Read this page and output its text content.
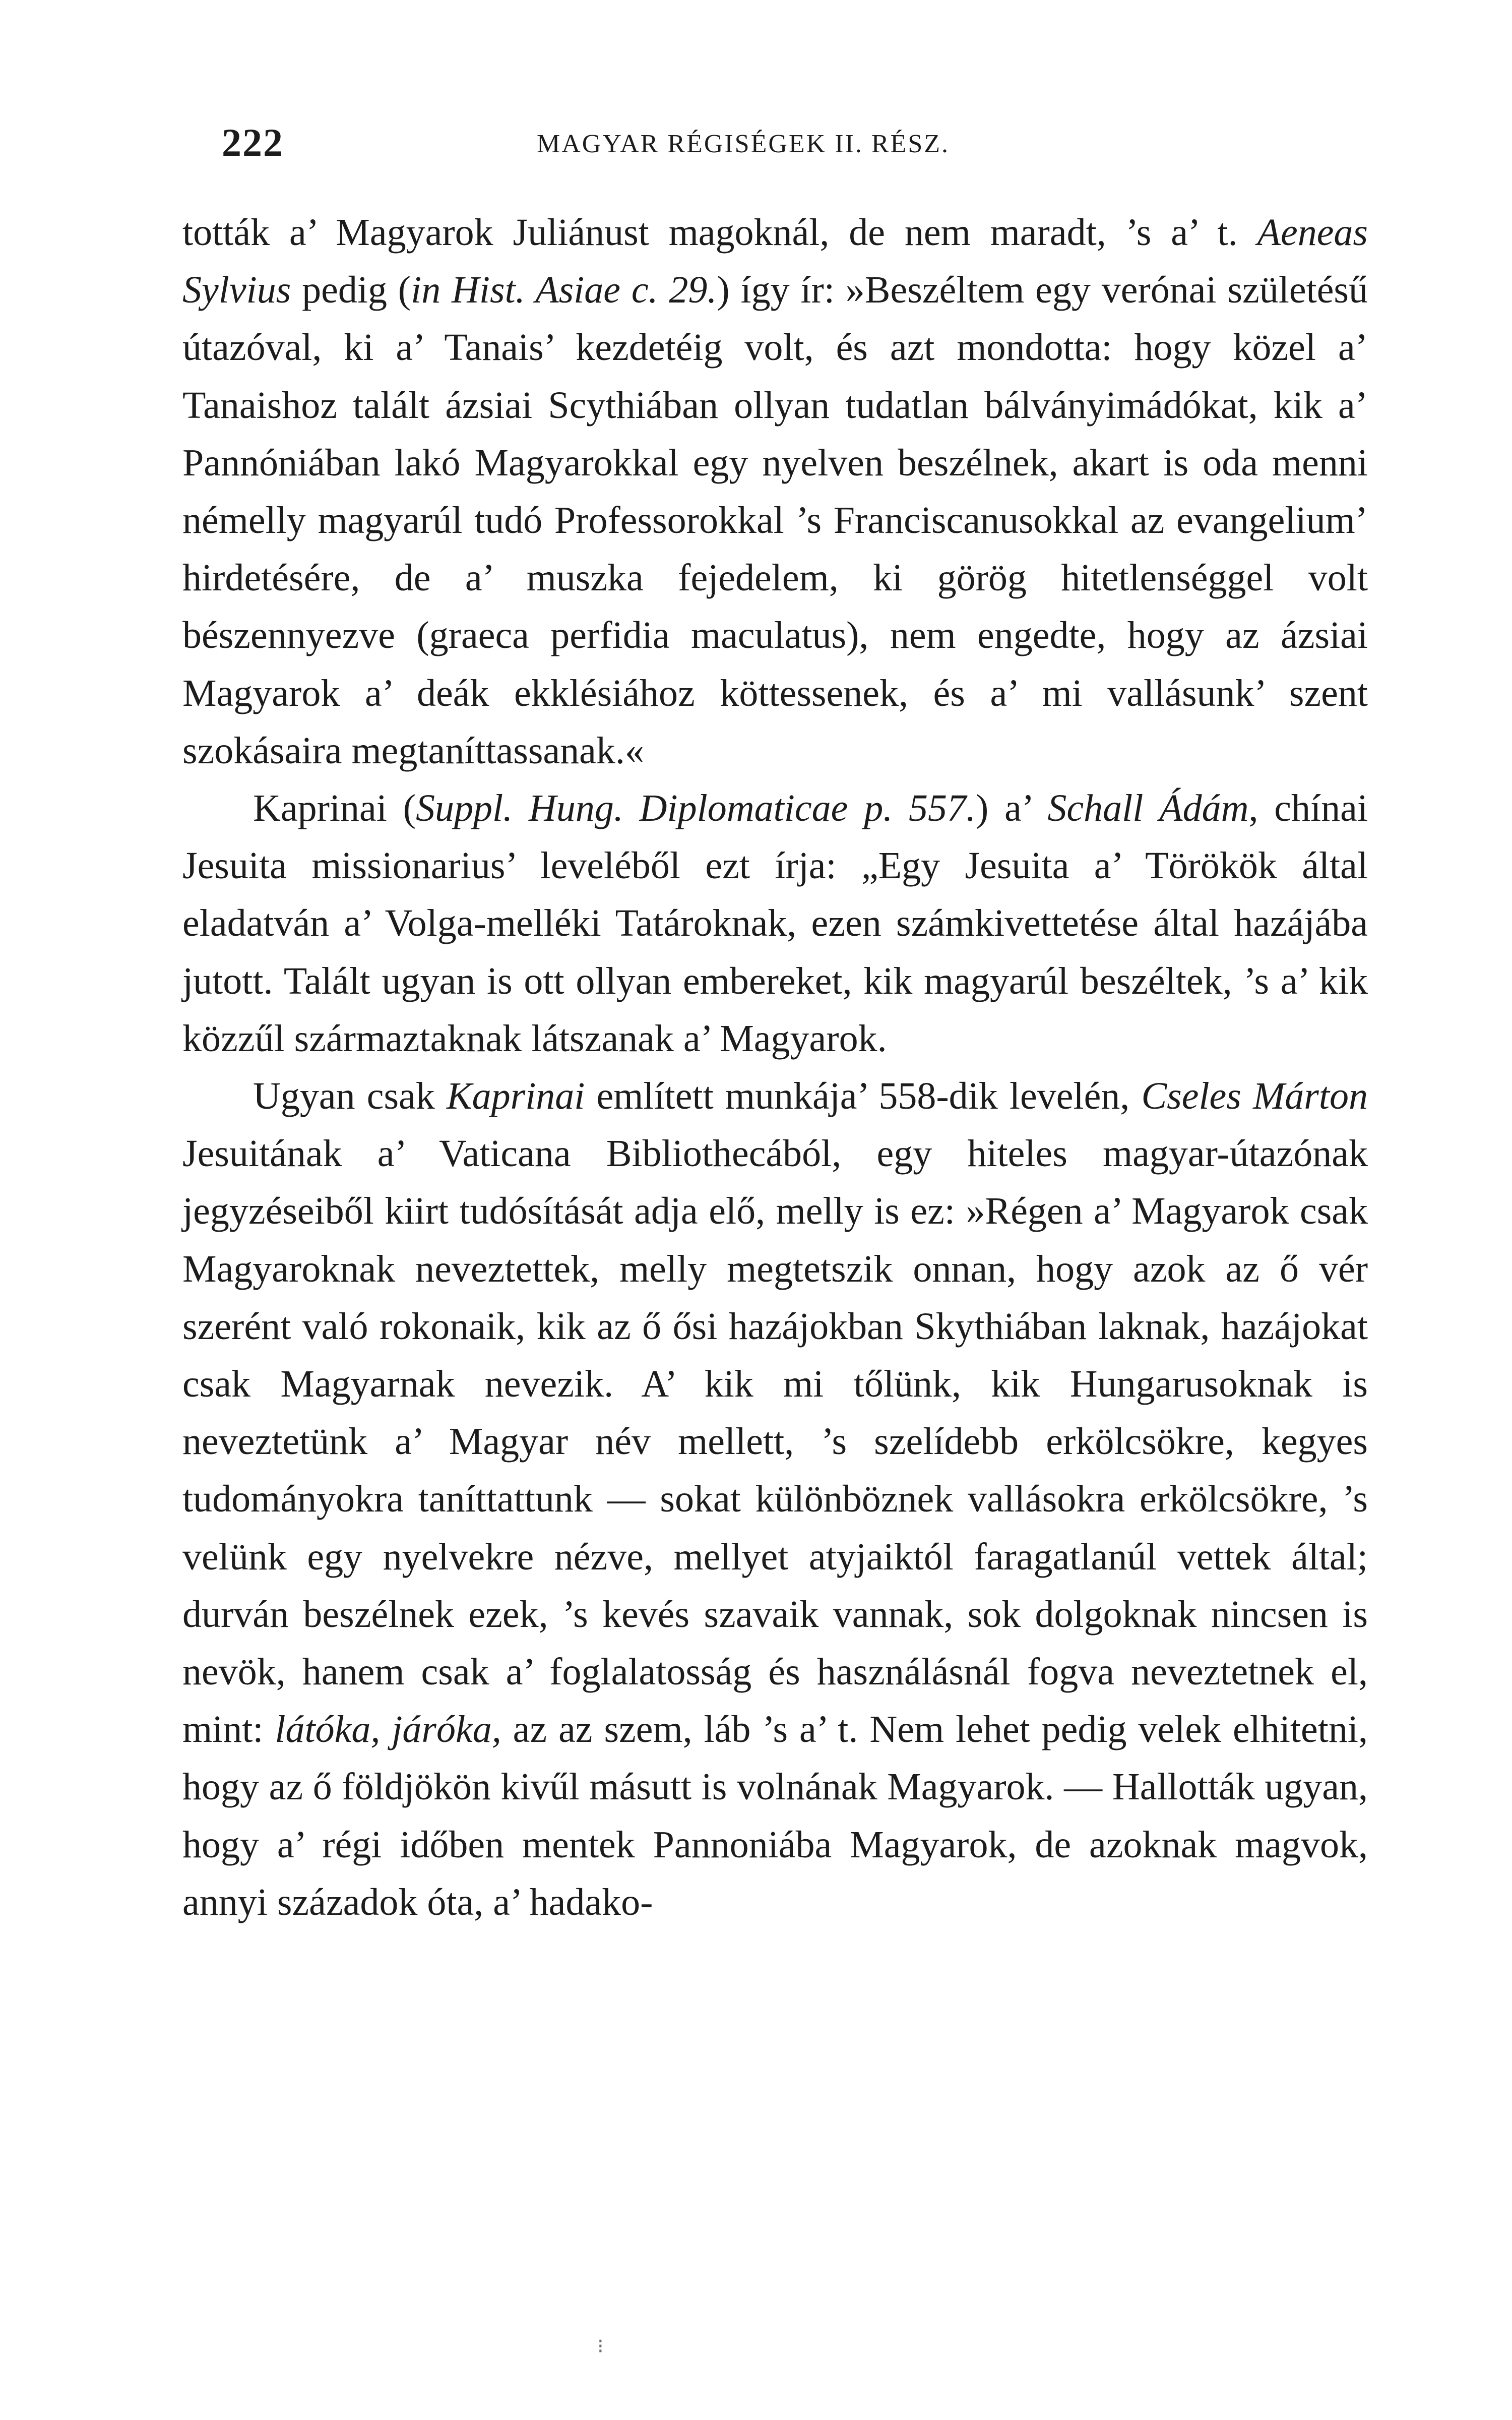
222	MAGYAR RÉGISÉGEK II. RÉSZ.

tották a’ Magyarok Juliánust magoknál, de nem maradt, ’s a’ t. Aeneas Sylvius pedig (in Hist. Asiae c. 29.) így ír: »Beszéltem egy verónai születésű útazóval, ki a’ Tanais’ kezdetéig volt, és azt mondotta: hogy közel a’ Tanaishoz talált ázsiai Scythiában ollyan tudatlan bálványimádókat, kik a’ Pannóniában lakó Magyarokkal egy nyelven beszélnek, akart is oda menni némelly magyarúl tudó Professorokkal ’s Franciscanusokkal az evangelium’ hirdetésére, de a’ muszka fejedelem, ki görög hitetlenséggel volt bészennyezve (graeca perfidia maculatus), nem engedte, hogy az ázsiai Magyarok a’ deák ekklésiához köttessenek, és a’ mi vallásunk’ szent szokásaira megtaníttassanak.«

Kaprinai (Suppl. Hung. Diplomaticae p. 557.) a’ Schall Ádám, chínai Jesuita missionarius’ leveléből ezt írja: „Egy Jesuita a’ Törökök által eladatván a’ Volga-melléki Tatároknak, ezen számkivettetése által hazájába jutott. Talált ugyan is ott ollyan embereket, kik magyarúl beszéltek, ’s a’ kik közzűl származtaknak látszanak a’ Magyarok.

Ugyan csak Kaprinai említett munkája’ 558-dik levelén, Cseles Márton Jesuitának a’ Vaticana Bibliothecából, egy hiteles magyar-útazónak jegyzéseiből kiirt tudósítását adja elő, melly is ez: »Régen a’ Magyarok csak Magyaroknak neveztettek, melly megtetszik onnan, hogy azok az ő vér szerént való rokonaik, kik az ő ősi hazájokban Skythiában laknak, hazájokat csak Magyarnak nevezik. A’ kik mi tőlünk, kik Hungarusoknak is neveztetünk a’ Magyar név mellett, ’s szelídebb erkölcsökre, kegyes tudományokra taníttattunk — sokat különböznek vallásokra erkölcsökre, ’s velünk egy nyelvekre nézve, mellyet atyjaiktól faragatlanúl vettek által; durván beszélnek ezek, ’s kevés szavaik vannak, sok dolgoknak nincsen is nevök, hanem csak a’ foglalatosság és használásnál fogva neveztetnek el, mint: látóka, járóka, az az szem, láb ’s a’ t. Nem lehet pedig velek elhitetni, hogy az ő földjökön kivűl másutt is volnának Magyarok. — Hallották ugyan, hogy a’ régi időben mentek Pannoniába Magyarok, de azoknak magvok, annyi századok óta, a’ hadako-

⁝
